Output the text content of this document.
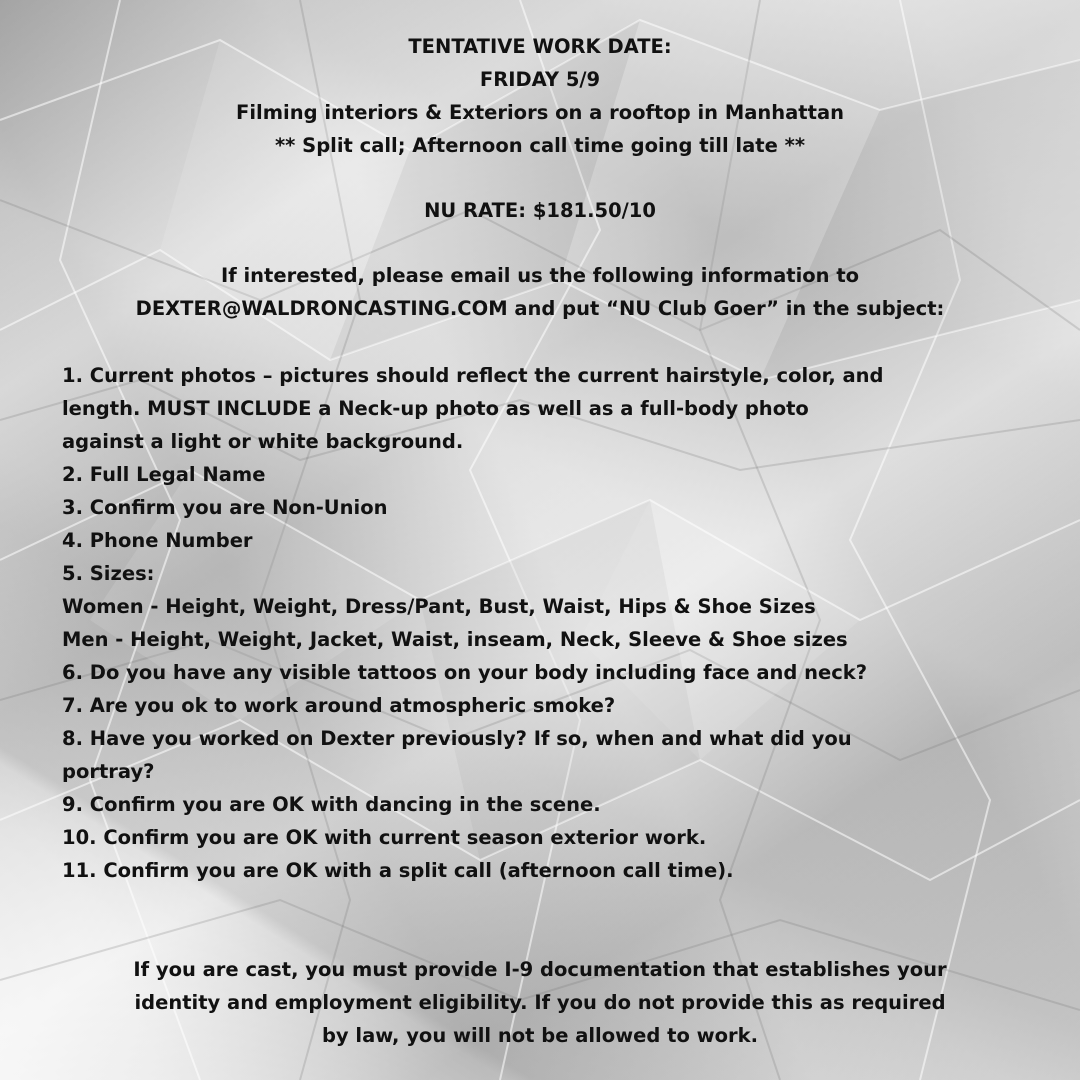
TENTATIVE WORK DATE:
FRIDAY 5/9
Filming interiors & Exteriors on a rooftop in Manhattan
** Split call; Afternoon call time going till late **
NU RATE: $181.50/10
If interested, please email us the following information to
DEXTER@WALDRONCASTING.COM and put “NU Club Goer” in the subject:
1. Current photos – pictures should reflect the current hairstyle, color, and
length. MUST INCLUDE a Neck-up photo as well as a full-body photo
against a light or white background.
2. Full Legal Name
3. Confirm you are Non-Union
4. Phone Number
5. Sizes:
Women - Height, Weight, Dress/Pant, Bust, Waist, Hips & Shoe Sizes
Men - Height, Weight, Jacket, Waist, inseam, Neck, Sleeve & Shoe sizes
6. Do you have any visible tattoos on your body including face and neck?
7. Are you ok to work around atmospheric smoke?
8. Have you worked on Dexter previously? If so, when and what did you
portray?
9. Confirm you are OK with dancing in the scene.
10. Confirm you are OK with current season exterior work.
11. Confirm you are OK with a split call (afternoon call time).
If you are cast, you must provide I-9 documentation that establishes your
identity and employment eligibility. If you do not provide this as required
by law, you will not be allowed to work.
